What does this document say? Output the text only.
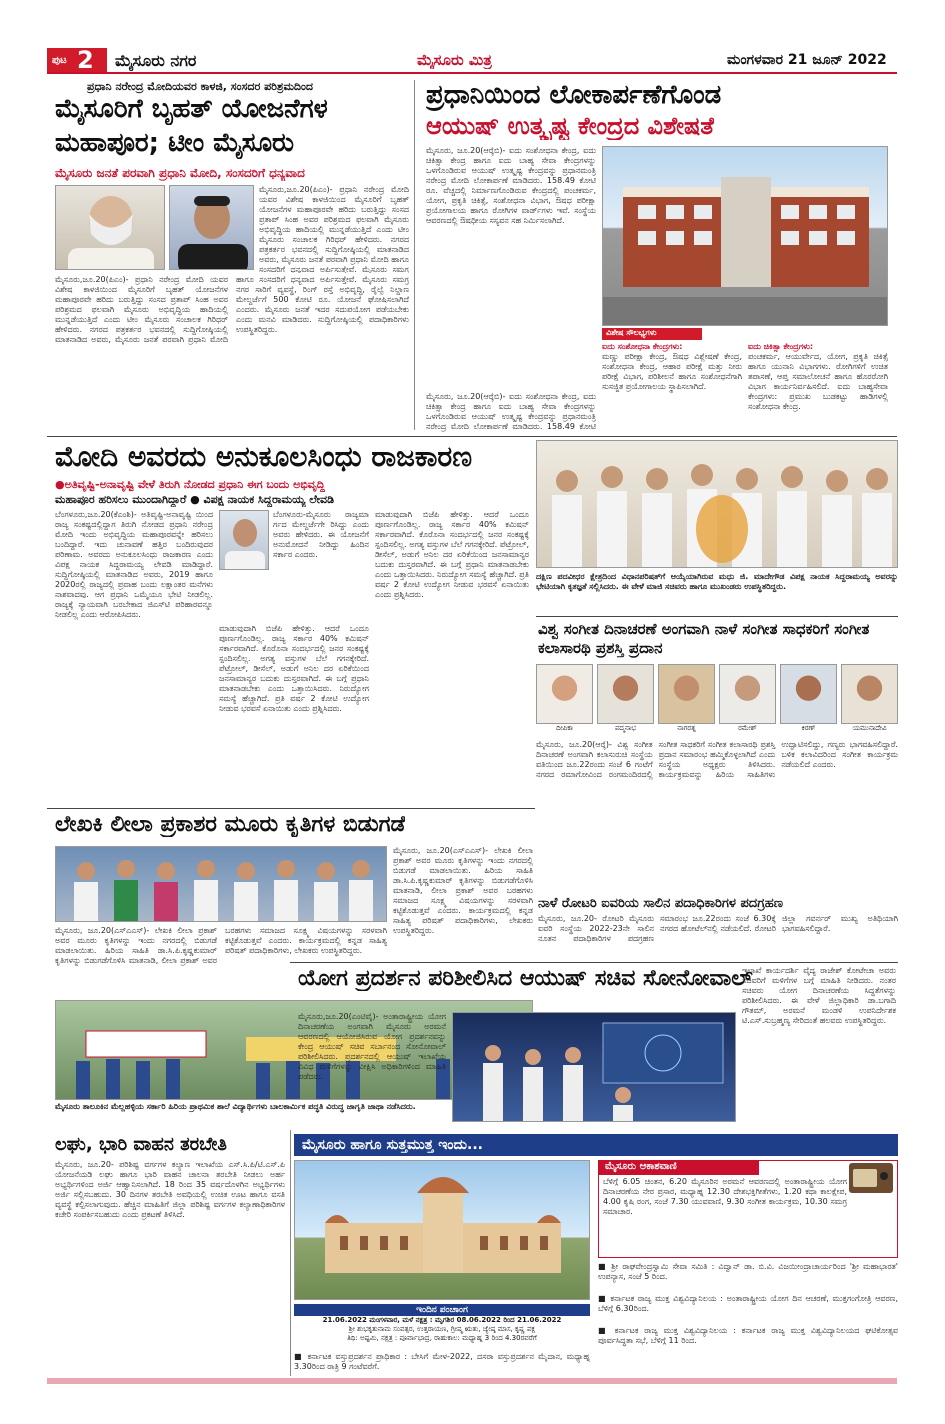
ಪುಟ 2 ಮೈಸೂರು ನಗರ	ಮೈಸೂರು ಮಿತ್ರ	ಮಂಗಳವಾರ 21 ಜೂನ್ 2022
ಪ್ರಧಾನಿ ನರೇಂದ್ರ ಮೋದಿಯವರ ಕಾಳಜಿ, ಸಂಸದರ ಪರಿಶ್ರಮದಿಂದ
ಮೈಸೂರಿಗೆ ಬೃಹತ್ ಯೋಜನೆಗಳ
ಮಹಾಪೂರ; ಟೀಂ ಮೈಸೂರು
ಮೈಸೂರು ಜನತೆ ಪರವಾಗಿ ಪ್ರಧಾನಿ ಮೋದಿ, ಸಂಸದರಿಗೆ ಧನ್ಯವಾದ
ಮೈಸೂರು,ಜೂ.20(ಪಿಎಂ)- ಪ್ರಧಾನಿ ನರೇಂದ್ರ ಮೋದಿ ಯವರ ವಿಶೇಷ ಕಾಳಜಿಯಿಂದ ಮೈಸೂರಿಗೆ ಬೃಹತ್ ಯೋಜನೆಗಳ ಮಹಾಪೂರವೇ ಹರಿದು ಬರುತ್ತಿದ್ದು ಸಂಸದ ಪ್ರತಾಪ್ ಸಿಂಹ ಅವರ ಪರಿಶ್ರಮದ ಫಲವಾಗಿ ಮೈಸೂರು ಅಭಿವೃದ್ಧಿಯ ಹಾದಿಯಲ್ಲಿ ಮುನ್ನಡೆಯುತ್ತಿದೆ ಎಂದು ಟೀಂ ಮೈಸೂರು ಸಂಚಾಲಕ ಗಿರಿಧರ್ ಹೇಳಿದರು. ನಗರದ ಪತ್ರಕರ್ತರ ಭವನದಲ್ಲಿ ಸುದ್ದಿಗೋಷ್ಠಿಯಲ್ಲಿ ಮಾತನಾಡಿದ ಅವರು, ಮೈಸೂರು ಜನತೆ ಪರವಾಗಿ ಪ್ರಧಾನಿ ಮೋದಿ ಹಾಗೂ ಸಂಸದರಿಗೆ ಧನ್ಯವಾದ ಅರ್ಪಿಸುತ್ತೇವೆ. ಮೈಸೂರು ಸಮಗ್ರ
ಮೈಸೂರು,ಜೂ.20(ಪಿಎಂ)- ಪ್ರಧಾನಿ ನರೇಂದ್ರ ಮೋದಿ ಯವರ ವಿಶೇಷ ಕಾಳಜಿಯಿಂದ ಮೈಸೂರಿಗೆ ಬೃಹತ್ ಯೋಜನೆಗಳ ಮಹಾಪೂರವೇ ಹರಿದು ಬರುತ್ತಿದ್ದು ಸಂಸದ ಪ್ರತಾಪ್ ಸಿಂಹ ಅವರ ಪರಿಶ್ರಮದ ಫಲವಾಗಿ ಮೈಸೂರು ಅಭಿವೃದ್ಧಿಯ ಹಾದಿಯಲ್ಲಿ ಮುನ್ನಡೆಯುತ್ತಿದೆ ಎಂದು ಟೀಂ ಮೈಸೂರು ಸಂಚಾಲಕ ಗಿರಿಧರ್ ಹೇಳಿದರು. ನಗರದ ಪತ್ರಕರ್ತರ ಭವನದಲ್ಲಿ ಸುದ್ದಿಗೋಷ್ಠಿಯಲ್ಲಿ ಮಾತನಾಡಿದ ಅವರು, ಮೈಸೂರು ಜನತೆ ಪರವಾಗಿ ಪ್ರಧಾನಿ ಮೋದಿ ಹಾಗೂ ಸಂಸದರಿಗೆ ಧನ್ಯವಾದ ಅರ್ಪಿಸುತ್ತೇವೆ. ಮೈಸೂರು ಸಮಗ್ರ ನಗರ ಸಾರಿಗೆ ವ್ಯವಸ್ಥೆ, ರಿಂಗ್ ರಸ್ತೆ ಅಭಿವೃದ್ಧಿ, ರೈಲ್ವೆ ನಿಲ್ದಾಣ ಮೇಲ್ದರ್ಜೆಗೆ 500 ಕೋಟಿ ರೂ. ಯೋಜನೆ ಘೋಷಿಸಲಾಗಿದೆ ಎಂದರು. ಮೈಸೂರು ಜನತೆ ಇದರ ಸದುಪಯೋಗ ಪಡೆಯಬೇಕು ಎಂದು ಮನವಿ ಮಾಡಿದರು. ಸುದ್ದಿಗೋಷ್ಠಿಯಲ್ಲಿ ಪದಾಧಿಕಾರಿಗಳು ಉಪಸ್ಥಿತರಿದ್ದರು.
ಪ್ರಧಾನಿಯಿಂದ ಲೋಕಾರ್ಪಣೆಗೊಂಡ
ಆಯುಷ್ ಉತ್ಕೃಷ್ಟ ಕೇಂದ್ರದ ವಿಶೇಷತೆ
ಮೈಸೂರು, ಜೂ.20(ಆರ್‍ಕೆಬಿ)- ಐದು ಸಂಶೋಧನಾ ಕೇಂದ್ರ, ಐದು ಚಿಕಿತ್ಸಾ ಕೇಂದ್ರ ಹಾಗೂ ಐದು ಬಾಹ್ಯ ಸೇವಾ ಕೇಂದ್ರಗಳನ್ನು ಒಳಗೊಂಡಿರುವ ಆಯುಷ್ ಉತ್ಕೃಷ್ಟ ಕೇಂದ್ರವನ್ನು ಪ್ರಧಾನಮಂತ್ರಿ ನರೇಂದ್ರ ಮೋದಿ ಲೋಕಾರ್ಪಣೆ ಮಾಡಿದರು. 158.49 ಕೋಟಿ ರೂ. ವೆಚ್ಚದಲ್ಲಿ ನಿರ್ಮಾಣಗೊಂಡಿರುವ ಕೇಂದ್ರದಲ್ಲಿ ಪಂಚಕರ್ಮ, ಯೋಗ, ಪ್ರಕೃತಿ ಚಿಕಿತ್ಸೆ, ಸಂಶೋಧನಾ ವಿಭಾಗ, ಔಷಧ ಪರೀಕ್ಷಾ ಪ್ರಯೋಗಾಲಯ ಹಾಗೂ ರೋಗಿಗಳ ವಾರ್ಡ್‌ಗಳು ಇವೆ. ಸಂಸ್ಥೆಯ ಆವರಣದಲ್ಲಿ ಔಷಧೀಯ ಸಸ್ಯವನ ಸಹ ನಿರ್ಮಿಸಲಾಗಿದೆ.
ವಿಶೇಷ ಸೌಲಭ್ಯಗಳು
ಐದು ಸಂಶೋಧನಾ ಕೇಂದ್ರಗಳು:
ಮಣ್ಣು ಪರೀಕ್ಷಾ ಕೇಂದ್ರ, ಔಷಧ ವಿಶ್ಲೇಷಣೆ ಕೇಂದ್ರ, ಸಂಶೋಧನಾ ಕೇಂದ್ರ, ಆಹಾರ ಪರೀಕ್ಷೆ ಮತ್ತು ನೀರು ಪರೀಕ್ಷೆ ವಿಭಾಗ, ಪರಿಶೀಲನೆ ಹಾಗೂ ಸಂಶೋಧನೆಗಾಗಿ ಸುಸಜ್ಜಿತ ಪ್ರಯೋಗಾಲಯ ಸ್ಥಾಪಿಸಲಾಗಿದೆ.
ಐದು ಚಿಕಿತ್ಸಾ ಕೇಂದ್ರಗಳು:
ಪಂಚಕರ್ಮ, ಆಯುರ್ವೇದ, ಯೋಗ, ಪ್ರಕೃತಿ ಚಿಕಿತ್ಸೆ ಹಾಗೂ ಯುನಾನಿ ವಿಭಾಗಗಳು. ರೋಗಿಗಳಿಗೆ ಉಚಿತ ತಪಾಸಣೆ, ಆಪ್ತ ಸಮಾಲೋಚನೆ ಹಾಗೂ ಹೊರರೋಗಿ ವಿಭಾಗ ಕಾರ್ಯನಿರ್ವಹಿಸಲಿದೆ. ಐದು ಬಾಹ್ಯಸೇವಾ ಕೇಂದ್ರಗಳು: ಪ್ರಮುಖ ಬುಡಕಟ್ಟು ಹಾಡಿಗಳಲ್ಲಿ ಸಂಶೋಧನಾ ಕೇಂದ್ರ.
ಮೈಸೂರು, ಜೂ.20(ಆರ್‍ಕೆಬಿ)- ಐದು ಸಂಶೋಧನಾ ಕೇಂದ್ರ, ಐದು ಚಿಕಿತ್ಸಾ ಕೇಂದ್ರ ಹಾಗೂ ಐದು ಬಾಹ್ಯ ಸೇವಾ ಕೇಂದ್ರಗಳನ್ನು ಒಳಗೊಂಡಿರುವ ಆಯುಷ್ ಉತ್ಕೃಷ್ಟ ಕೇಂದ್ರವನ್ನು ಪ್ರಧಾನಮಂತ್ರಿ ನರೇಂದ್ರ ಮೋದಿ ಲೋಕಾರ್ಪಣೆ ಮಾಡಿದರು. 158.49 ಕೋಟಿ
ಮೋದಿ ಅವರದು ಅನುಕೂಲಸಿಂಧು ರಾಜಕಾರಣ
●ಅತಿವೃಷ್ಟಿ-ಅನಾವೃಷ್ಟಿ ವೇಳೆ ತಿರುಗಿ ನೋಡದ ಪ್ರಧಾನಿ ಈಗ ಬಂದು ಅಭಿವೃದ್ಧಿ
ಮಹಾಪೂರ ಹರಿಸಲು ಮುಂದಾಗಿದ್ದಾರೆ ● ವಿಪಕ್ಷ ನಾಯಕ ಸಿದ್ದರಾಮಯ್ಯ ಲೇವಡಿ
ಬೆಂಗಳೂರು,ಜೂ.20(ಕೆಎಂಶಿ)- ಅತಿವೃಷ್ಟಿ-ಅನಾವೃಷ್ಟಿ ಯಿಂದ ರಾಜ್ಯ ಸಂಕಷ್ಟದಲ್ಲಿದ್ದಾಗ ತಿರುಗಿ ನೋಡದ ಪ್ರಧಾನಿ ನರೇಂದ್ರ ಮೋದಿ ಇಂದು ಅಭಿವೃದ್ಧಿಯ ಮಹಾಪೂರವನ್ನೇ ಹರಿಸಲು ಬಂದಿದ್ದಾರೆ. ಇದು ಚುನಾವಣೆ ಹತ್ತಿರ ಬಂದಿರುವುದರ ಪರಿಣಾಮ. ಅವರದು ಅನುಕೂಲಸಿಂಧು ರಾಜಕಾರಣ ಎಂದು ವಿಪಕ್ಷ ನಾಯಕ ಸಿದ್ದರಾಮಯ್ಯ ಲೇವಡಿ ಮಾಡಿದ್ದಾರೆ. ಸುದ್ದಿಗೋಷ್ಠಿಯಲ್ಲಿ ಮಾತನಾಡಿದ ಅವರು, 2019 ಹಾಗೂ 2020ರಲ್ಲಿ ರಾಜ್ಯದಲ್ಲಿ ಪ್ರವಾಹ ಬಂದು ಲಕ್ಷಾಂತರ ಮನೆಗಳು ನಾಶವಾದವು. ಆಗ ಪ್ರಧಾನಿ ಒಮ್ಮೆಯೂ ಭೇಟಿ ನೀಡಲಿಲ್ಲ. ರಾಜ್ಯಕ್ಕೆ ನ್ಯಾಯವಾಗಿ ಬರಬೇಕಾದ ಜಿಎಸ್‍ಟಿ ಪರಿಹಾರವನ್ನೂ ನೀಡಲಿಲ್ಲ ಎಂದು ಆರೋಪಿಸಿದರು.
ಬೆಂಗಳೂರು-ಮೈಸೂರು ರಾಜ್ಯಮಾ ರ್ಗದ ಮೇಲ್ದರ್ಜೆಗೇ ರಿಸಿದ್ದು ಎಂದು ಅವರು ಹೇಳಿದರು. ಈ ಯೋಜನೆಗೆ ಅನುಮೋದನೆ ನೀಡಿದ್ದು ಹಿಂದಿನ ಸರ್ಕಾರ ಎಂದರು.
ಮಾಡುವುದಾಗಿ ಬಿಜೆಪಿ ಹೇಳಿತ್ತು. ಆದರೆ ಒಂದೂ ಪೂರ್ಣಗೊಂಡಿಲ್ಲ. ರಾಜ್ಯ ಸರ್ಕಾರ 40% ಕಮಿಷನ್ ಸರ್ಕಾರವಾಗಿದೆ. ಕೊರೊನಾ ಸಂದರ್ಭದಲ್ಲಿ ಜನರ ಸಂಕಷ್ಟಕ್ಕೆ ಸ್ಪಂದಿಸಲಿಲ್ಲ. ಅಗತ್ಯ ವಸ್ತುಗಳ ಬೆಲೆ ಗಗನಕ್ಕೇರಿದೆ. ಪೆಟ್ರೋಲ್, ಡೀಸೆಲ್, ಅಡುಗೆ ಅನಿಲ ದರ ಏರಿಕೆಯಿಂದ ಜನಸಾಮಾನ್ಯರ ಬದುಕು ದುಸ್ತರವಾಗಿದೆ. ಈ ಬಗ್ಗೆ ಪ್ರಧಾನಿ ಮಾತನಾಡಬೇಕು ಎಂದು ಒತ್ತಾಯಿಸಿದರು. ನಿರುದ್ಯೋಗ ಸಮಸ್ಯೆ ಹೆಚ್ಚಾಗಿದೆ. ಪ್ರತಿ ವರ್ಷ 2 ಕೋಟಿ ಉದ್ಯೋಗ ನೀಡುವ ಭರವಸೆ ಏನಾಯಿತು ಎಂದು ಪ್ರಶ್ನಿಸಿದರು.
ಮಾಡುವುದಾಗಿ ಬಿಜೆಪಿ ಹೇಳಿತ್ತು. ಆದರೆ ಒಂದೂ ಪೂರ್ಣಗೊಂಡಿಲ್ಲ. ರಾಜ್ಯ ಸರ್ಕಾರ 40% ಕಮಿಷನ್ ಸರ್ಕಾರವಾಗಿದೆ. ಕೊರೊನಾ ಸಂದರ್ಭದಲ್ಲಿ ಜನರ ಸಂಕಷ್ಟಕ್ಕೆ ಸ್ಪಂದಿಸಲಿಲ್ಲ. ಅಗತ್ಯ ವಸ್ತುಗಳ ಬೆಲೆ ಗಗನಕ್ಕೇರಿದೆ. ಪೆಟ್ರೋಲ್, ಡೀಸೆಲ್, ಅಡುಗೆ ಅನಿಲ ದರ ಏರಿಕೆಯಿಂದ ಜನಸಾಮಾನ್ಯರ ಬದುಕು ದುಸ್ತರವಾಗಿದೆ. ಈ ಬಗ್ಗೆ ಪ್ರಧಾನಿ ಮಾತನಾಡಬೇಕು ಎಂದು ಒತ್ತಾಯಿಸಿದರು. ನಿರುದ್ಯೋಗ ಸಮಸ್ಯೆ ಹೆಚ್ಚಾಗಿದೆ. ಪ್ರತಿ ವರ್ಷ 2 ಕೋಟಿ ಉದ್ಯೋಗ ನೀಡುವ ಭರವಸೆ ಏನಾಯಿತು ಎಂದು ಪ್ರಶ್ನಿಸಿದರು.
ದಕ್ಷಿಣ ಪದವೀಧರ ಕ್ಷೇತ್ರದಿಂದ ವಿಧಾನಪರಿಷತ್‍ಗೆ ಆಯ್ಕೆಯಾಗಿರುವ ಮಧು ಜಿ. ಮಾದೇಗೌಡ ವಿಪಕ್ಷ ನಾಯಕ ಸಿದ್ದರಾಮಯ್ಯ ಅವರನ್ನು ಭೇಟಿಯಾಗಿ ಕೃತಜ್ಞತೆ ಸಲ್ಲಿಸಿದರು. ಈ ವೇಳೆ ಮಾಜಿ ಸಚಿವರು ಹಾಗೂ ಮುಖಂಡರು ಉಪಸ್ಥಿತರಿದ್ದರು.
ವಿಶ್ವ ಸಂಗೀತ ದಿನಾಚರಣೆ ಅಂಗವಾಗಿ ನಾಳೆ ಸಂಗೀತ ಸಾಧಕರಿಗೆ ಸಂಗೀತ ಕಲಾಸಾರಥಿ ಪ್ರಶಸ್ತಿ ಪ್ರದಾನ
ದೀಪಿಕಾ	ಪದ್ಮನಾಭ	ನಾಗರತ್ನ	ರಮೇಶ್	ಕಿರಣ್	ಯಮುನಾದೇವಿ
ಮೈಸೂರು, ಜೂ.20(ಆರ್‍ಕೆ)- ವಿಶ್ವ ಸಂಗೀತ ದಿನಾಚರಣೆ ಅಂಗವಾಗಿ ಕಲಾಸುರುಚಿ ಸಂಸ್ಥೆಯ ವತಿಯಿಂದ ಜೂ.22ರಂದು ಸಂಜೆ 6 ಗಂಟೆಗೆ ನಗರದ ರಮಾಗೋವಿಂದ ರಂಗಮಂದಿರದಲ್ಲಿ ಸಂಗೀತ ಸಾಧಕರಿಗೆ ಸಂಗೀತ ಕಲಾಸಾರಥಿ ಪ್ರಶಸ್ತಿ ಪ್ರದಾನ ಸಮಾರಂಭ ಹಮ್ಮಿಕೊಳ್ಳಲಾಗಿದೆ ಎಂದು ಸಂಸ್ಥೆಯ ಅಧ್ಯಕ್ಷರು ತಿಳಿಸಿದರು. ಕಾರ್ಯಕ್ರಮವನ್ನು ಹಿರಿಯ ಸಾಹಿತಿಗಳು ಉದ್ಘಾಟಿಸಲಿದ್ದು, ಗಣ್ಯರು ಭಾಗವಹಿಸಲಿದ್ದಾರೆ. ಬಳಿಕ ಕಲಾವಿದರಿಂದ ಸಂಗೀತ ಕಾರ್ಯಕ್ರಮ ನಡೆಯಲಿದೆ ಎಂದರು.
ಲೇಖಕಿ ಲೀಲಾ ಪ್ರಕಾಶರ ಮೂರು ಕೃತಿಗಳ ಬಿಡುಗಡೆ
ಮೈಸೂರು, ಜೂ.20(ಎಸ್‍ಎಎಸ್)- ಲೇಖಕಿ ಲೀಲಾ ಪ್ರಕಾಶ್ ಅವರ ಮೂರು ಕೃತಿಗಳನ್ನು ಇಂದು ನಗರದಲ್ಲಿ ಬಿಡುಗಡೆ ಮಾಡಲಾಯಿತು. ಹಿರಿಯ ಸಾಹಿತಿ ಡಾ.ಸಿ.ಪಿ.ಕೃಷ್ಣಕುಮಾರ್ ಕೃತಿಗಳನ್ನು ಬಿಡುಗಡೆಗೊಳಿಸಿ ಮಾತನಾಡಿ, ಲೀಲಾ ಪ್ರಕಾಶ್ ಅವರ ಬರಹಗಳು ಸಮಾಜದ ಸೂಕ್ಷ್ಮ ವಿಷಯಗಳನ್ನು ಸರಳವಾಗಿ ಕಟ್ಟಿಕೊಡುತ್ತವೆ ಎಂದರು. ಕಾರ್ಯಕ್ರಮದಲ್ಲಿ ಕನ್ನಡ ಸಾಹಿತ್ಯ ಪರಿಷತ್ ಪದಾಧಿಕಾರಿಗಳು, ಲೇಖಕರು ಉಪಸ್ಥಿತರಿದ್ದರು.
ಮೈಸೂರು, ಜೂ.20(ಎಸ್‍ಎಎಸ್)- ಲೇಖಕಿ ಲೀಲಾ ಪ್ರಕಾಶ್ ಅವರ ಮೂರು ಕೃತಿಗಳನ್ನು ಇಂದು ನಗರದಲ್ಲಿ ಬಿಡುಗಡೆ ಮಾಡಲಾಯಿತು. ಹಿರಿಯ ಸಾಹಿತಿ ಡಾ.ಸಿ.ಪಿ.ಕೃಷ್ಣಕುಮಾರ್ ಕೃತಿಗಳನ್ನು ಬಿಡುಗಡೆಗೊಳಿಸಿ ಮಾತನಾಡಿ, ಲೀಲಾ ಪ್ರಕಾಶ್ ಅವರ ಬರಹಗಳು ಸಮಾಜದ ಸೂಕ್ಷ್ಮ ವಿಷಯಗಳನ್ನು ಸರಳವಾಗಿ ಕಟ್ಟಿಕೊಡುತ್ತವೆ ಎಂದರು. ಕಾರ್ಯಕ್ರಮದಲ್ಲಿ ಕನ್ನಡ ಸಾಹಿತ್ಯ ಪರಿಷತ್ ಪದಾಧಿಕಾರಿಗಳು, ಲೇಖಕರು ಉಪಸ್ಥಿತರಿದ್ದರು.
ಮೈಸೂರು ತಾಲೂಕಿನ ಮೆಲ್ಲಹಳ್ಳಿಯ ಸರ್ಕಾರಿ ಹಿರಿಯ ಪ್ರಾಥಮಿಕ ಶಾಲೆ ವಿದ್ಯಾರ್ಥಿಗಳು ಬಾಲಕಾರ್ಮಿಕ ಪದ್ಧತಿ ವಿರುದ್ಧ ಜಾಗೃತಿ ಜಾಥಾ ನಡೆಸಿದರು.
ನಾಳೆ ರೋಟರಿ ಐವರಿಯ ಸಾಲಿನ ಪದಾಧಿಕಾರಿಗಳ ಪದಗ್ರಹಣ
ಮೈಸೂರು, ಜೂ.20- ರೋಟರಿ ಮೈಸೂರು ಐವರಿ ಸಂಸ್ಥೆಯ 2022-23ನೇ ಸಾಲಿನ ನೂತನ ಪದಾಧಿಕಾರಿಗಳ ಪದಗ್ರಹಣ ಸಮಾರಂಭ ಜೂ.22ರಂದು ಸಂಜೆ 6.30ಕ್ಕೆ ನಗರದ ಹೋಟೆಲ್‍ನಲ್ಲಿ ನಡೆಯಲಿದೆ. ರೋಟರಿ ಜಿಲ್ಲಾ ಗವರ್ನರ್ ಮುಖ್ಯ ಅತಿಥಿಯಾಗಿ ಭಾಗವಹಿಸಲಿದ್ದಾರೆ.
ಯೋಗ ಪ್ರದರ್ಶನ ಪರಿಶೀಲಿಸಿದ ಆಯುಷ್ ಸಚಿವ ಸೋನೋವಾಲ್
ಮೈಸೂರು,ಜೂ.20(ಎಂಟಿವೈ)- ಅಂತಾರಾಷ್ಟ್ರೀಯ ಯೋಗ ದಿನಾಚರಣೆಯ ಅಂಗವಾಗಿ ಮೈಸೂರು ಅರಮನೆ ಆವರಣದಲ್ಲಿ ಆಯೋಜಿಸಿರುವ ಯೋಗ ಪ್ರದರ್ಶನವನ್ನು ಕೇಂದ್ರ ಆಯುಷ್ ಸಚಿವ ಸರ್ಬಾನಂದ ಸೋನೋವಾಲ್ ಪರಿಶೀಲಿಸಿದರು. ಪ್ರದರ್ಶನದಲ್ಲಿ ಆಯುಷ್ ಇಲಾಖೆಯ ವಿವಿಧ ಮಳಿಗೆಗಳನ್ನು ವೀಕ್ಷಿಸಿ ಅಧಿಕಾರಿಗಳಿಂದ ಮಾಹಿತಿ ಪಡೆದರು.
ಇಲಾಖೆ ಕಾರ್ಯದರ್ಶಿ ವೈದ್ಯ ರಾಜೇಶ್ ಕೋಟೇಚಾ ಅವರು ಸಚಿವರಿಗೆ ಮಳಿಗೆಗಳ ಬಗ್ಗೆ ಮಾಹಿತಿ ನೀಡಿದರು. ನಂತರ ಸಚಿವರು ಯೋಗ ದಿನಾಚರಣೆಯ ಸಿದ್ಧತೆಗಳನ್ನು ಪರಿಶೀಲಿಸಿದರು. ಈ ವೇಳೆ ಜಿಲ್ಲಾಧಿಕಾರಿ ಡಾ.ಬಗಾದಿ ಗೌತಮ್, ಅರಮನೆ ಮಂಡಳಿ ಉಪನಿರ್ದೇಶಕ ಟಿ.ಎಸ್.ಸುಬ್ರಹ್ಮಣ್ಯ ಸೇರಿದಂತೆ ಹಲವರು ಉಪಸ್ಥಿತರಿದ್ದರು.
ಲಘು, ಭಾರಿ ವಾಹನ ತರಬೇತಿ
ಮೈಸೂರು, ಜೂ.20- ಪರಿಶಿಷ್ಟ ವರ್ಗಗಳ ಕಲ್ಯಾಣ ಇಲಾಖೆಯ ಎಸ್.ಸಿ.ಪಿ/ಟಿ.ಎಸ್.ಪಿ ಯೋಜನೆಯಡಿ ಲಘು ಹಾಗೂ ಭಾರಿ ವಾಹನ ಚಾಲನಾ ತರಬೇತಿ ನೀಡಲು ಅರ್ಹ ಅಭ್ಯರ್ಥಿಗಳಿಂದ ಅರ್ಜಿ ಆಹ್ವಾನಿಸಲಾಗಿದೆ. 18 ರಿಂದ 35 ವರ್ಷದೊಳಗಿನ ಅಭ್ಯರ್ಥಿಗಳು ಅರ್ಜಿ ಸಲ್ಲಿಸಬಹುದು. 30 ದಿನಗಳ ತರಬೇತಿ ಅವಧಿಯಲ್ಲಿ ಉಚಿತ ಊಟ ಹಾಗೂ ವಸತಿ ವ್ಯವಸ್ಥೆ ಕಲ್ಪಿಸಲಾಗುವುದು. ಹೆಚ್ಚಿನ ಮಾಹಿತಿಗೆ ಜಿಲ್ಲಾ ಪರಿಶಿಷ್ಟ ವರ್ಗಗಳ ಕಲ್ಯಾಣಾಧಿಕಾರಿಗಳ ಕಚೇರಿ ಸಂಪರ್ಕಿಸಬಹುದು ಎಂದು ಪ್ರಕಟಣೆ ತಿಳಿಸಿದೆ.
ಮೈಸೂರು ಹಾಗೂ ಸುತ್ತಮುತ್ತ ಇಂದು...
ಇಂದಿನ ಪಂಚಾಂಗ
21.06.2022 ಮಂಗಳವಾರ, ಮಳೆ ನಕ್ಷತ್ರ : ಮೃಗಶಿರ 08.06.2022 ರಿಂದ 21.06.2022
ಶ್ರೀ ಶುಭಕೃತುನಾಮ ಸಂವತ್ಸರ, ಉತ್ತರಾಯಣ, ಗ್ರೀಷ್ಮ ಋತು, ಜ್ಯೇಷ್ಠ ಮಾಸ, ಕೃಷ್ಣ ಪಕ್ಷ
ತಿಥಿ: ಅಷ್ಟಮಿ, ನಕ್ಷತ್ರ : ಪೂರ್ವಾಭಾದ್ರ, ರಾಹುಕಾಲ: ಮಧ್ಯಾಹ್ನ 3 ರಿಂದ 4.30ರವರೆಗೆ
■ ಕರ್ನಾಟಕ ವಸ್ತುಪ್ರದರ್ಶನ ಪ್ರಾಧಿಕಾರ : ಬೇಸಿಗೆ ಮೇಳ-2022, ದಸರಾ ವಸ್ತುಪ್ರದರ್ಶನ ಮೈದಾನ, ಮಧ್ಯಾಹ್ನ 3.30ರಿಂದ ರಾತ್ರಿ 9 ಗಂಟೆವರೆಗೆ.
ಮೈಸೂರು ಆಕಾಶವಾಣಿ
ಬೆಳಿಗ್ಗೆ 6.05 ಚಿಂತನ, 6.20 ಮೈಸೂರಿನ ಅರಮನೆ ಆವರಣದಲ್ಲಿ ಅಂತಾರಾಷ್ಟ್ರೀಯ ಯೋಗ ದಿನಾಚರಣೆಯ ನೇರ ಪ್ರಸಾರ, ಮಧ್ಯಾಹ್ನ 12.30 ದೇಶಭಕ್ತಿಗೀತೆಗಳು, 1.20 ಕಥಾ ಕಾಲಕ್ಷೇಪ, 4.00 ಕೃಷಿ ರಂಗ, ಸಂಜೆ 7.30 ಯುವವಾಣಿ, 9.30 ಸಂಗೀತ ಕಾರ್ಯಕ್ರಮ, 10.30 ಸಮಗ್ರ ಸಮಾಚಾರ.
■ ಶ್ರೀ ರಾಘವೇಂದ್ರಸ್ವಾಮಿ ಸೇವಾ ಸಮಿತಿ : ವಿದ್ವಾನ್ ಡಾ. ಬಿ.ವಿ. ವಿಜಯೀಂದ್ರಾಚಾರ್ಯರಿಂದ 'ಶ್ರೀ ಮಹಾಭಾರತ' ಉಪನ್ಯಾಸ, ಸಂಜೆ 5 ರಿಂದ.
■ ಕರ್ನಾಟಕ ರಾಜ್ಯ ಮುಕ್ತ ವಿಶ್ವವಿದ್ಯಾನಿಲಯ : ಅಂತಾರಾಷ್ಟ್ರೀಯ ಯೋಗ ದಿನ ಆಚರಣೆ, ಮುಕ್ತಗಂಗೋತ್ರಿ ಆವರಣ, ಬೆಳಿಗ್ಗೆ 6.30ರಿಂದ.
■ ಕರ್ನಾಟಕ ರಾಜ್ಯ ಮುಕ್ತ ವಿಶ್ವವಿದ್ಯಾನಿಲಯ : ಕರ್ನಾಟಕ ರಾಜ್ಯ ಮುಕ್ತ ವಿಶ್ವವಿದ್ಯಾನಿಲಯದ ಘಟಿಕೋತ್ಸವ ಪೂರ್ವಸಿದ್ಧತಾ ಸಭೆ, ಬೆಳಿಗ್ಗೆ 11 ರಿಂದ.
